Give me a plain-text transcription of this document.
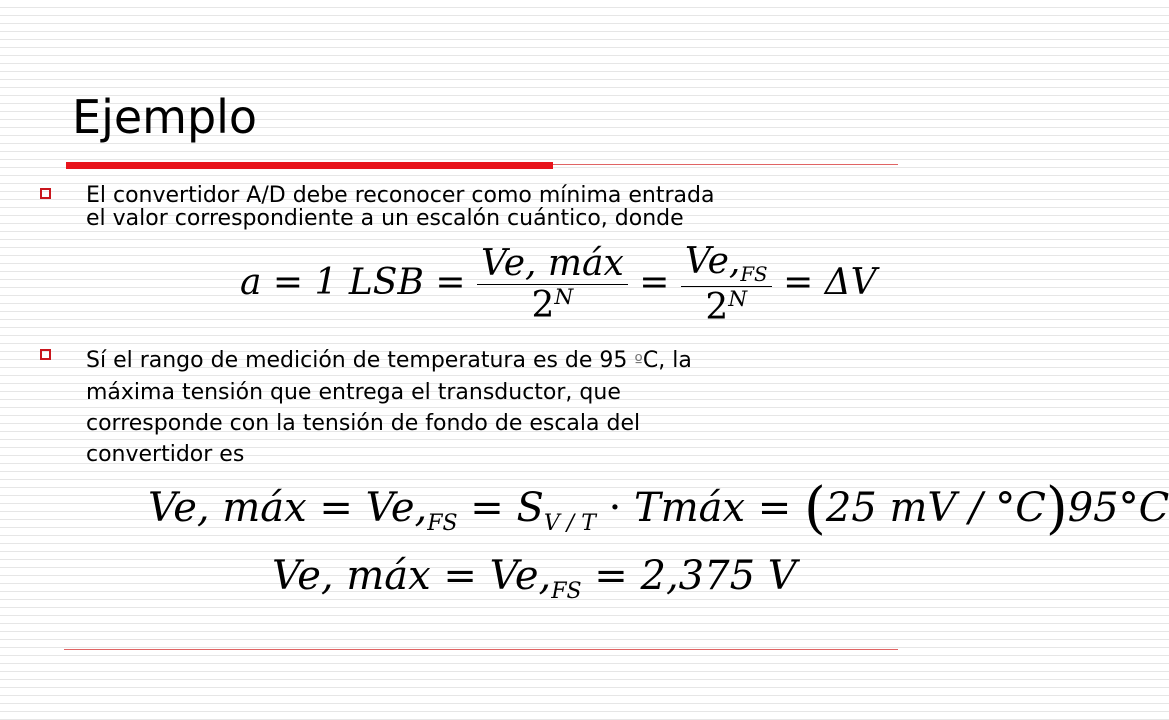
Ejemplo
El convertidor A/D debe reconocer como mínima entrada
el valor correspondiente a un escalón cuántico, donde
a = 1 LSB = $\frac{\text{Ve, máx}}{2^N} = \frac{Ve,_{FS}}{2^N} = \Delta V$
Sí el rango de medición de temperatura es de 95 ºC, la
máxima tensión que entrega el transductor, que
corresponde con la tensión de fondo de escala del
convertidor es
Ve, máx = $Ve,_{FS} = S_{V / T}$ · Tmáx = (25 mV / °C)95°C
Ve, máx = $Ve,_{FS} = 2,375$ V
